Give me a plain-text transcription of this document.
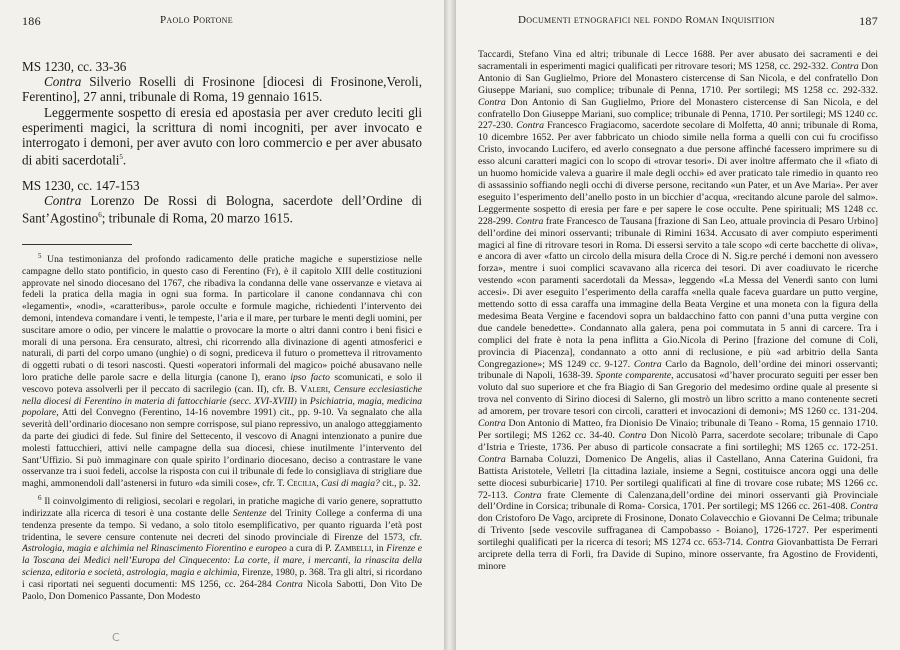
186	Paolo Portone

MS 1230, cc. 33-36

Contra Silverio Roselli di Frosinone [diocesi di Frosinone,Veroli, Ferentino], 27 anni, tribunale di Roma, 19 gennaio 1615.

Leggermente sospetto di eresia ed apostasia per aver creduto leciti gli esperimenti magici, la scrittura di nomi incogniti, per aver invocato e interrogato i demoni, per aver avuto con loro commercio e per aver abusato di abiti sacerdotali$^5$.

MS 1230, cc. 147-153

Contra Lorenzo De Rossi di Bologna, sacerdote dell’Ordine di Sant’Agostino$^6$; tribunale di Roma, 20 marzo 1615.

$^5$ Una testimonianza del profondo radicamento delle pratiche magiche e superstiziose nelle campagne dello stato pontificio, in questo caso di Ferentino (Fr), è il capitolo XIII delle costituzioni approvate nel sinodo diocesano del 1767, che ribadiva la condanna delle vane osservanze e vietava ai fedeli la pratica della magia in ogni sua forma. In particolare il canone condannava chi con «legamenti», «nodi», «caratteribus», parole occulte e formule magiche, richiedenti l’intervento dei demoni, intendeva comandare i venti, le tempeste, l’aria e il mare, per turbare le menti degli uomini, per suscitare amore o odio, per vincere le malattie o provocare la morte o altri danni contro i beni fisici e morali di una persona. Era censurato, altresì, chi ricorrendo alla divinazione di agenti atmosferici e naturali, di parti del corpo umano (unghie) o di sogni, prediceva il futuro o prometteva il ritrovamento di oggetti rubati o di tesori nascosti. Questi «operatori informali del magico» poiché abusavano nelle loro pratiche delle parole sacre e della liturgia (canone I), erano ipso facto scomunicati, e solo il vescovo poteva assolverli per il peccato di sacrilegio (can. II), cfr. B. Valeri, Censure ecclesiastiche nella diocesi di Ferentino in materia di fattocchiarie (secc. XVI-XVIII) in Psichiatria, magia, medicina popolare, Atti del Convegno (Ferentino, 14-16 novembre 1991) cit., pp. 9-10. Va segnalato che alla severità dell’ordinario diocesano non sempre corrispose, sul piano repressivo, un analogo atteggiamento da parte dei giudici di fede. Sul finire del Settecento, il vescovo di Anagni intenzionato a punire due molesti fattucchieri, attivi nelle campagne della sua diocesi, chiese inutilmente l’intervento del Sant’Uffizio. Si può immaginare con quale spirito l’ordinario diocesano, deciso a contrastare le vane osservanze tra i suoi fedeli, accolse la risposta con cui il tribunale di fede lo consigliava di strigliare due maghi, ammonendoli dall’astenersi in futuro «da simili cose», cfr. T. Cecilia, Casi di magia? cit., p. 32.

$^6$ Il coinvolgimento di religiosi, secolari e regolari, in pratiche magiche di vario genere, soprattutto indirizzate alla ricerca di tesori è una costante delle Sentenze del Trinity College a conferma di una tendenza presente da tempo. Si vedano, a solo titolo esemplificativo, per quanto riguarda l’età post tridentina, le severe censure contenute nei decreti del sinodo provinciale di Firenze del 1573, cfr. Astrologia, magia e alchimia nel Rinascimento Fiorentino e europeo a cura di P. Zambelli, in Firenze e la Toscana dei Medici nell’Europa del Cinquecento: La corte, il mare, i mercanti, la rinascita della scienza, editoria e società, astrologia, magia e alchimia, Firenze, 1980, p. 368. Tra gli altri, si ricordano i casi riportati nei seguenti documenti: MS 1256, cc. 264-284 Contra Nicola Sabotti, Don Vito De Paolo, Don Domenico Passante, Don Modesto

C
Documenti etnografici nel fondo Roman Inquisition	187
Taccardi, Stefano Vina ed altri; tribunale di Lecce 1688. Per aver abusato dei sacramenti e dei sacramentali in esperimenti magici qualificati per ritrovare tesori; MS 1258, cc. 292-332. Contra Don Antonio di San Guglielmo, Priore del Monastero cistercense di San Nicola, e del confratello Don Giuseppe Mariani, suo complice; tribunale di Penna, 1710. Per sortilegi; MS 1258 cc. 292-332. Contra Don Antonio di San Guglielmo, Priore del Monastero cistercense di San Nicola, e del confratello Don Giuseppe Mariani, suo complice; tribunale di Penna, 1710. Per sortilegi; MS 1240 cc. 227-230. Contra Francesco Fragiacomo, sacerdote secolare di Molfetta, 40 anni; tribunale di Roma, 10 dicembre 1652. Per aver fabbricato un chiodo simile nella forma a quelli con cui fu crocifisso Cristo, invocando Lucifero, ed averlo consegnato a due persone affinché facessero imprimere su di esso alcuni caratteri magici con lo scopo di «trovar tesori». Di aver inoltre affermato che il «fiato di un huomo homicide valeva a guarire il male degli occhi» ed aver praticato tale rimedio in quanto reo di assassinio soffiando negli occhi di diverse persone, recitando «un Pater, et un Ave Maria». Per aver eseguito l’esperimento dell’anello posto in un bicchier d’acqua, «recitando alcune parole del salmo». Leggermente sospetto di eresia per fare e per sapere le cose occulte. Pene spirituali; MS 1248 cc. 228-299. Contra frate Francesco de Tausana [frazione di San Leo, attuale provincia di Pesaro Urbino] dell’ordine dei minori osservanti; tribunale di Rimini 1634. Accusato di aver compiuto esperimenti magici al fine di ritrovare tesori in Roma. Di essersi servito a tale scopo «di certe bacchette di oliva», e ancora di aver «fatto un circolo della misura della Croce di N. Sig.re perché i demoni non avessero forza», mentre i suoi complici scavavano alla ricerca dei tesori. Di aver coadiuvato le ricerche vestendo «con paramenti sacerdotali da Messa», leggendo «La Messa del Venerdì santo con lumi accesi». Di aver eseguito l’esperimento della caraffa «nella quale faceva guardare un putto vergine, mettendo sotto di essa caraffa una immagine della Beata Vergine et una moneta con la figura della medesima Beata Vergine e facendovi sopra un baldacchino fatto con panni d’una putta vergine con due candele benedette». Condannato alla galera, pena poi commutata in 5 anni di carcere. Tra i complici del frate è nota la pena inflitta a Gio.Nicola di Perino [frazione del comune di Coli, provincia di Piacenza], condannato a otto anni di reclusione, e più «ad arbitrio della Santa Congregazione»; MS 1249 cc. 9-127. Contra Carlo da Bagnolo, dell’ordine dei minori osservanti; tribunale di Napoli, 1638-39. Sponte comparente, accusatosi «d’haver procurato seguiti per esser ben voluto dal suo superiore et che fra Biagio di San Gregorio del medesimo ordine quale al presente si trova nel convento di Sirino diocesi di Salerno, gli mostrò un libro scritto a mano contenente secreti ad amorem, per trovare tesori con circoli, caratteri et invocazioni di demoni»; MS 1260 cc. 131-204. Contra Don Antonio di Matteo, fra Dionisio De Vinaio; tribunale di Teano - Roma, 15 gennaio 1710. Per sortilegi; MS 1262 cc. 34-40. Contra Don Nicolò Parra, sacerdote secolare; tribunale di Capo d’Istria e Trieste, 1736. Per abuso di particole consacrate a fini sortileghi; MS 1265 cc. 172-251. Contra Barnaba Coluzzi, Domenico De Angelis, alias il Castellano, Anna Caterina Guidoni, fra Battista Aristotele, Velletri [la cittadina laziale, insieme a Segni, costituisce ancora oggi una delle sette diocesi suburbicarie] 1710. Per sortilegi qualificati al fine di trovare cose rubate; MS 1266 cc. 72-113. Contra frate Clemente di Calenzana,dell’ordine dei minori osservanti già Provinciale dell’Ordine in Corsica; tribunale di Roma- Corsica, 1701. Per sortilegi; MS 1266 cc. 261-408. Contra don Cristoforo De Vago, arciprete di Frosinone, Donato Colavecchio e Giovanni De Celma; tribunale di Trivento [sede vescovile suffraganea di Campobasso - Boiano], 1726-1727. Per esperimenti sortileghi qualificati per la ricerca di tesori; MS 1274 cc. 653-714. Contra Giovanbattista De Ferrari arciprete della terra di Forlì, fra Davide di Supino, minore osservante, fra Agostino de Frovidenti, minore
